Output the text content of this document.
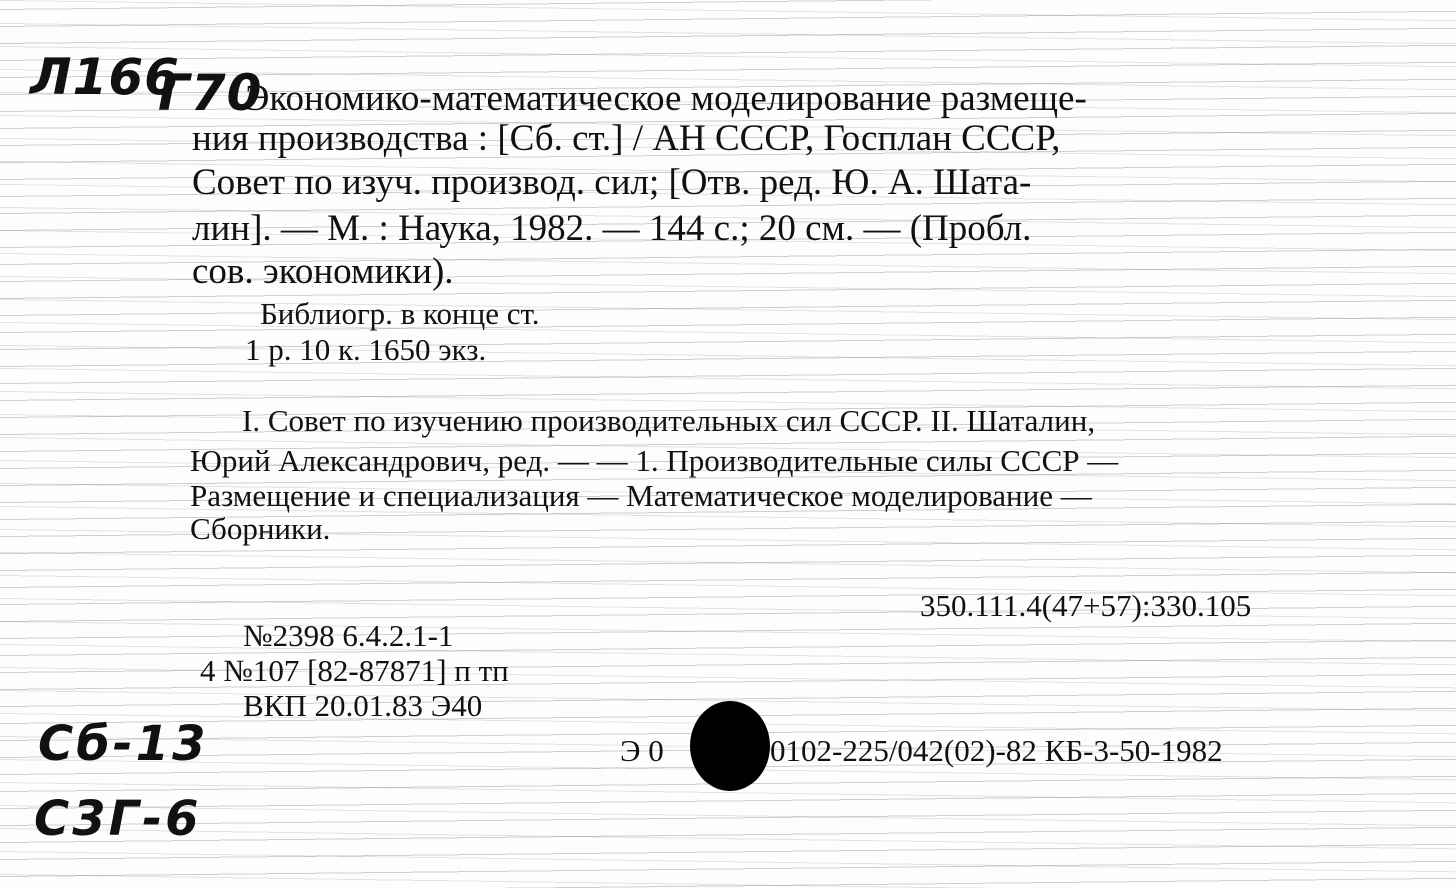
Л166
Г70
Экономико-математическое моделирование размеще-
ния производства : [Сб. ст.] / АН СССР, Госплан СССР,
Совет по изуч. производ. сил; [Отв. ред. Ю. А. Шата-
лин]. — М. : Наука, 1982. — 144 с.; 20 см. — (Пробл.
сов. экономики).
Библиогр. в конце ст.
1 р. 10 к. 1650 экз.
I. Совет по изучению производительных сил СССР. II. Шаталин,
Юрий Александрович, ред. — — 1. Производительные силы СССР —
Размещение и специализация — Математическое моделирование —
Сборники.
350.111.4(47+57):330.105
№2398 6.4.2.1-1
4 №107 [82-87871] п тп
ВКП 20.01.83 Э40
Э 0	0102-225/042(02)-82 КБ-3-50-1982
Сб-13
С3Г-6
